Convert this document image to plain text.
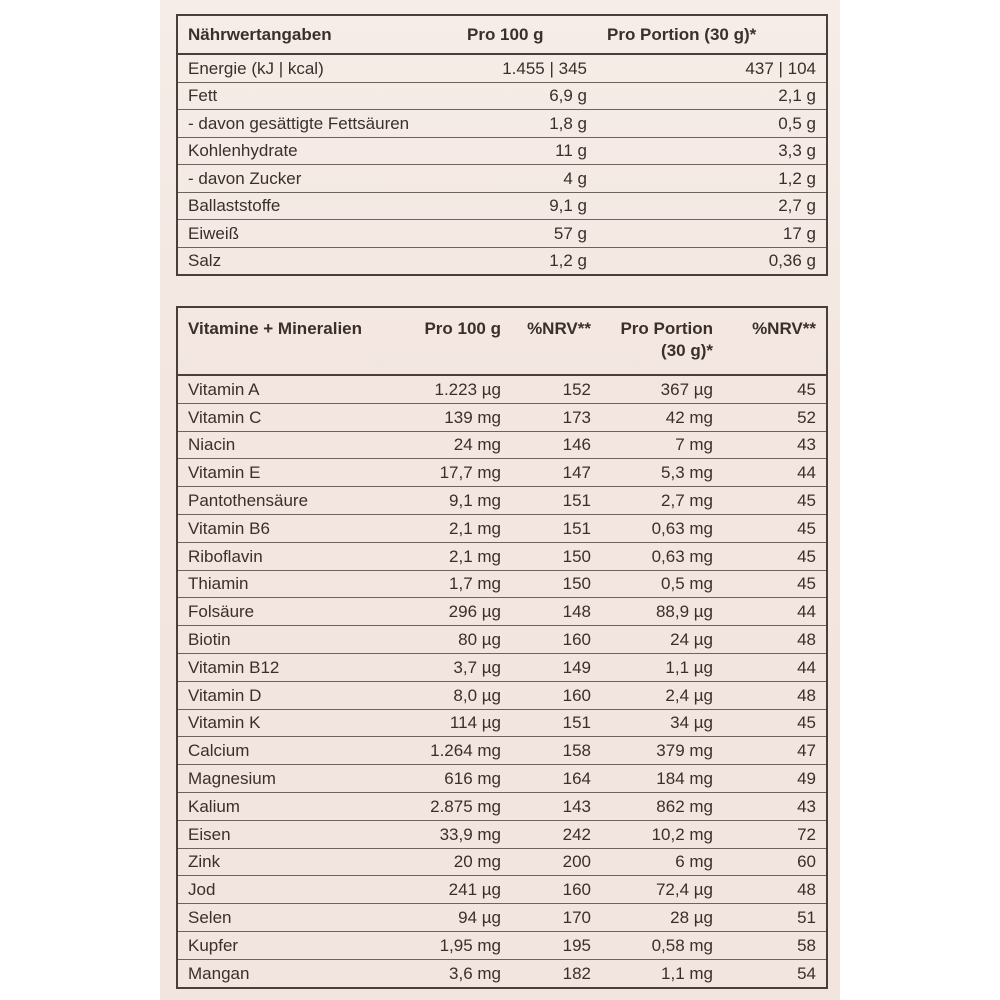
Nährwertangaben	Pro 100 g	Pro Portion (30 g)*
Energie (kJ | kcal)	1.455 | 345	437 | 104
Fett	6,9 g	2,1 g
- davon gesättigte Fettsäuren	1,8 g	0,5 g
Kohlenhydrate	11 g	3,3 g
- davon Zucker	4 g	1,2 g
Ballaststoffe	9,1 g	2,7 g
Eiweiß	57 g	17 g
Salz	1,2 g	0,36 g
Vitamine + Mineralien	Pro 100 g	%NRV**	Pro Portion (30 g)*	%NRV**
Vitamin A	1.223 µg	152	367 µg	45
Vitamin C	139 mg	173	42 mg	52
Niacin	24 mg	146	7 mg	43
Vitamin E	17,7 mg	147	5,3 mg	44
Pantothensäure	9,1 mg	151	2,7 mg	45
Vitamin B6	2,1 mg	151	0,63 mg	45
Riboflavin	2,1 mg	150	0,63 mg	45
Thiamin	1,7 mg	150	0,5 mg	45
Folsäure	296 µg	148	88,9 µg	44
Biotin	80 µg	160	24 µg	48
Vitamin B12	3,7 µg	149	1,1 µg	44
Vitamin D	8,0 µg	160	2,4 µg	48
Vitamin K	114 µg	151	34 µg	45
Calcium	1.264 mg	158	379 mg	47
Magnesium	616 mg	164	184 mg	49
Kalium	2.875 mg	143	862 mg	43
Eisen	33,9 mg	242	10,2 mg	72
Zink	20 mg	200	6 mg	60
Jod	241 µg	160	72,4 µg	48
Selen	94 µg	170	28 µg	51
Kupfer	1,95 mg	195	0,58 mg	58
Mangan	3,6 mg	182	1,1 mg	54
